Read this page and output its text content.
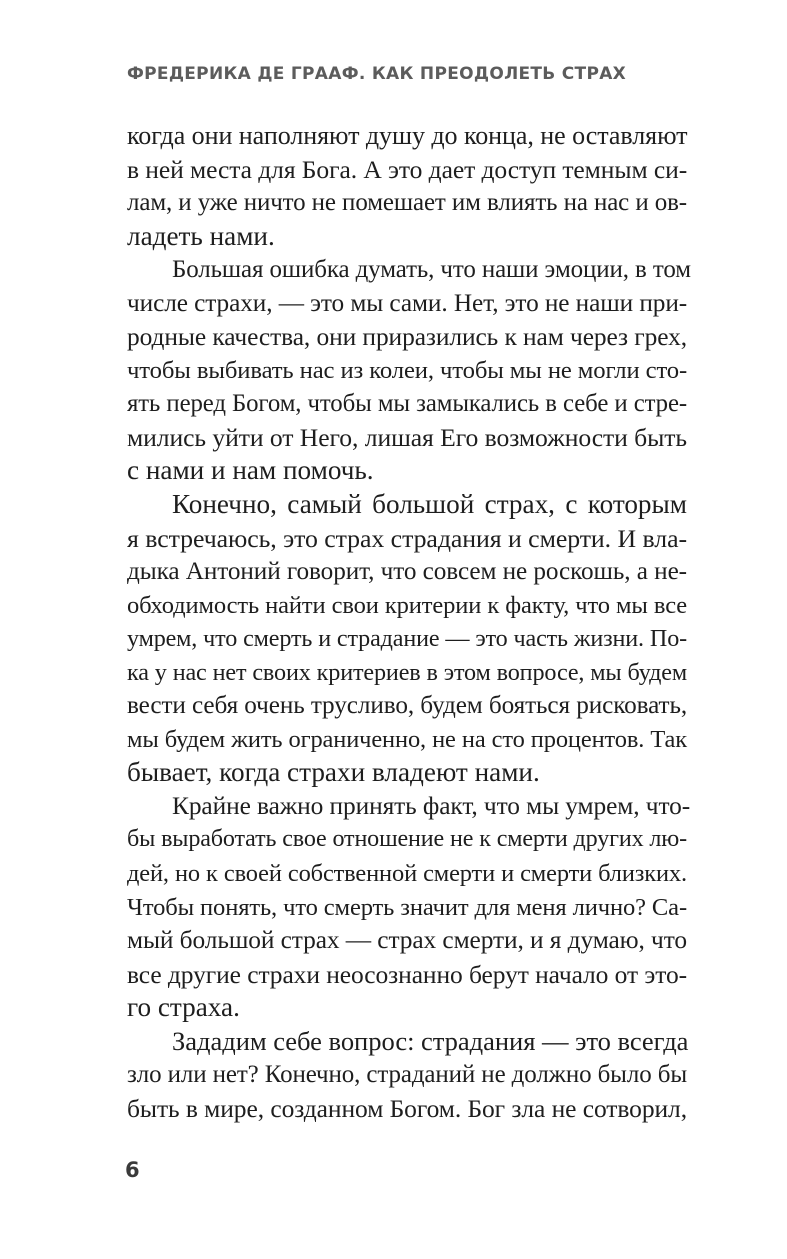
ФРЕДЕРИКА ДЕ ГРААФ. КАК ПРЕОДОЛЕТЬ СТРАХ

когда они наполняют душу до конца, не оставляют
в ней места для Бога. А это дает доступ темным си-
лам, и уже ничто не помешает им влиять на нас и ов-
ладеть нами.

Большая ошибка думать, что наши эмоции, в том
числе страхи, — это мы сами. Нет, это не наши при-
родные качества, они приразились к нам через грех,
чтобы выбивать нас из колеи, чтобы мы не могли сто-
ять перед Богом, чтобы мы замыкались в себе и стре-
мились уйти от Него, лишая Его возможности быть
с нами и нам помочь.

Конечно, самый большой страх, с которым
я встречаюсь, это страх страдания и смерти. И вла-
дыка Антоний говорит, что совсем не роскошь, а не-
обходимость найти свои критерии к факту, что мы все
умрем, что смерть и страдание — это часть жизни. По-
ка у нас нет своих критериев в этом вопросе, мы будем
вести себя очень трусливо, будем бояться рисковать,
мы будем жить ограниченно, не на сто процентов. Так
бывает, когда страхи владеют нами.

Крайне важно принять факт, что мы умрем, что-
бы выработать свое отношение не к смерти других лю-
дей, но к своей собственной смерти и смерти близких.
Чтобы понять, что смерть значит для меня лично? Са-
мый большой страх — страх смерти, и я думаю, что
все другие страхи неосознанно берут начало от это-
го страха.

Зададим себе вопрос: страдания — это всегда
зло или нет? Конечно, страданий не должно было бы
быть в мире, созданном Богом. Бог зла не сотворил,

6
